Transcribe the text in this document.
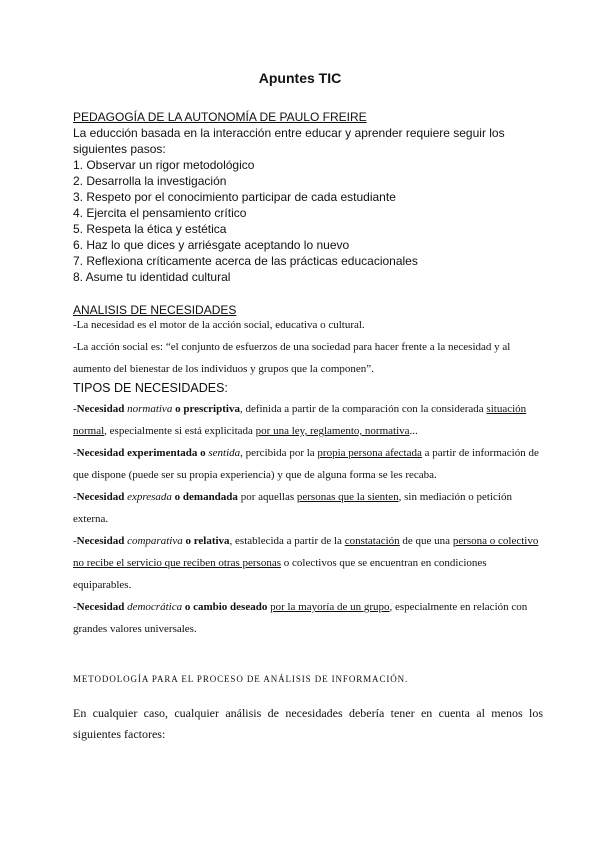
Apuntes TIC
PEDAGOGÍA DE LA AUTONOMÍA DE PAULO FREIRE
La educción basada en la interacción entre educar y aprender requiere seguir los siguientes pasos:
1. Observar un rigor metodológico
2. Desarrolla la investigación
3. Respeto por el conocimiento participar de cada estudiante
4. Ejercita el pensamiento crítico
5. Respeta la ética y estética
6. Haz lo que dices y arriésgate aceptando lo nuevo
7. Reflexiona críticamente acerca de las prácticas educacionales
8. Asume tu identidad cultural
ANALISIS DE NECESIDADES
-La necesidad es el motor de la acción social, educativa o cultural.
-La acción social es: “el conjunto de esfuerzos de una sociedad para hacer frente a la necesidad y al aumento del bienestar de los individuos y grupos que la componen”.
TIPOS DE NECESIDADES:
-Necesidad normativa o prescriptiva, definida a partir de la comparación con la considerada situación normal, especialmente si está explicitada por una ley, reglamento, normativa...
-Necesidad experimentada o sentida, percibida por la propia persona afectada a partir de información de que dispone (puede ser su propia experiencia) y que de alguna forma se les recaba.
-Necesidad expresada o demandada por aquellas personas que la sienten, sin mediación o petición externa.
-Necesidad comparativa o relativa, establecida a partir de la constatación de que una persona o colectivo no recibe el servicio que reciben otras personas o colectivos que se encuentran en condiciones equiparables.
-Necesidad democrática o cambio deseado por la mayoría de un grupo, especialmente en relación con grandes valores universales.
METODOLOGÍA PARA EL PROCESO DE ANÁLISIS DE INFORMACIÓN.
En cualquier caso, cualquier análisis de necesidades debería tener en cuenta al menos los siguientes factores:
